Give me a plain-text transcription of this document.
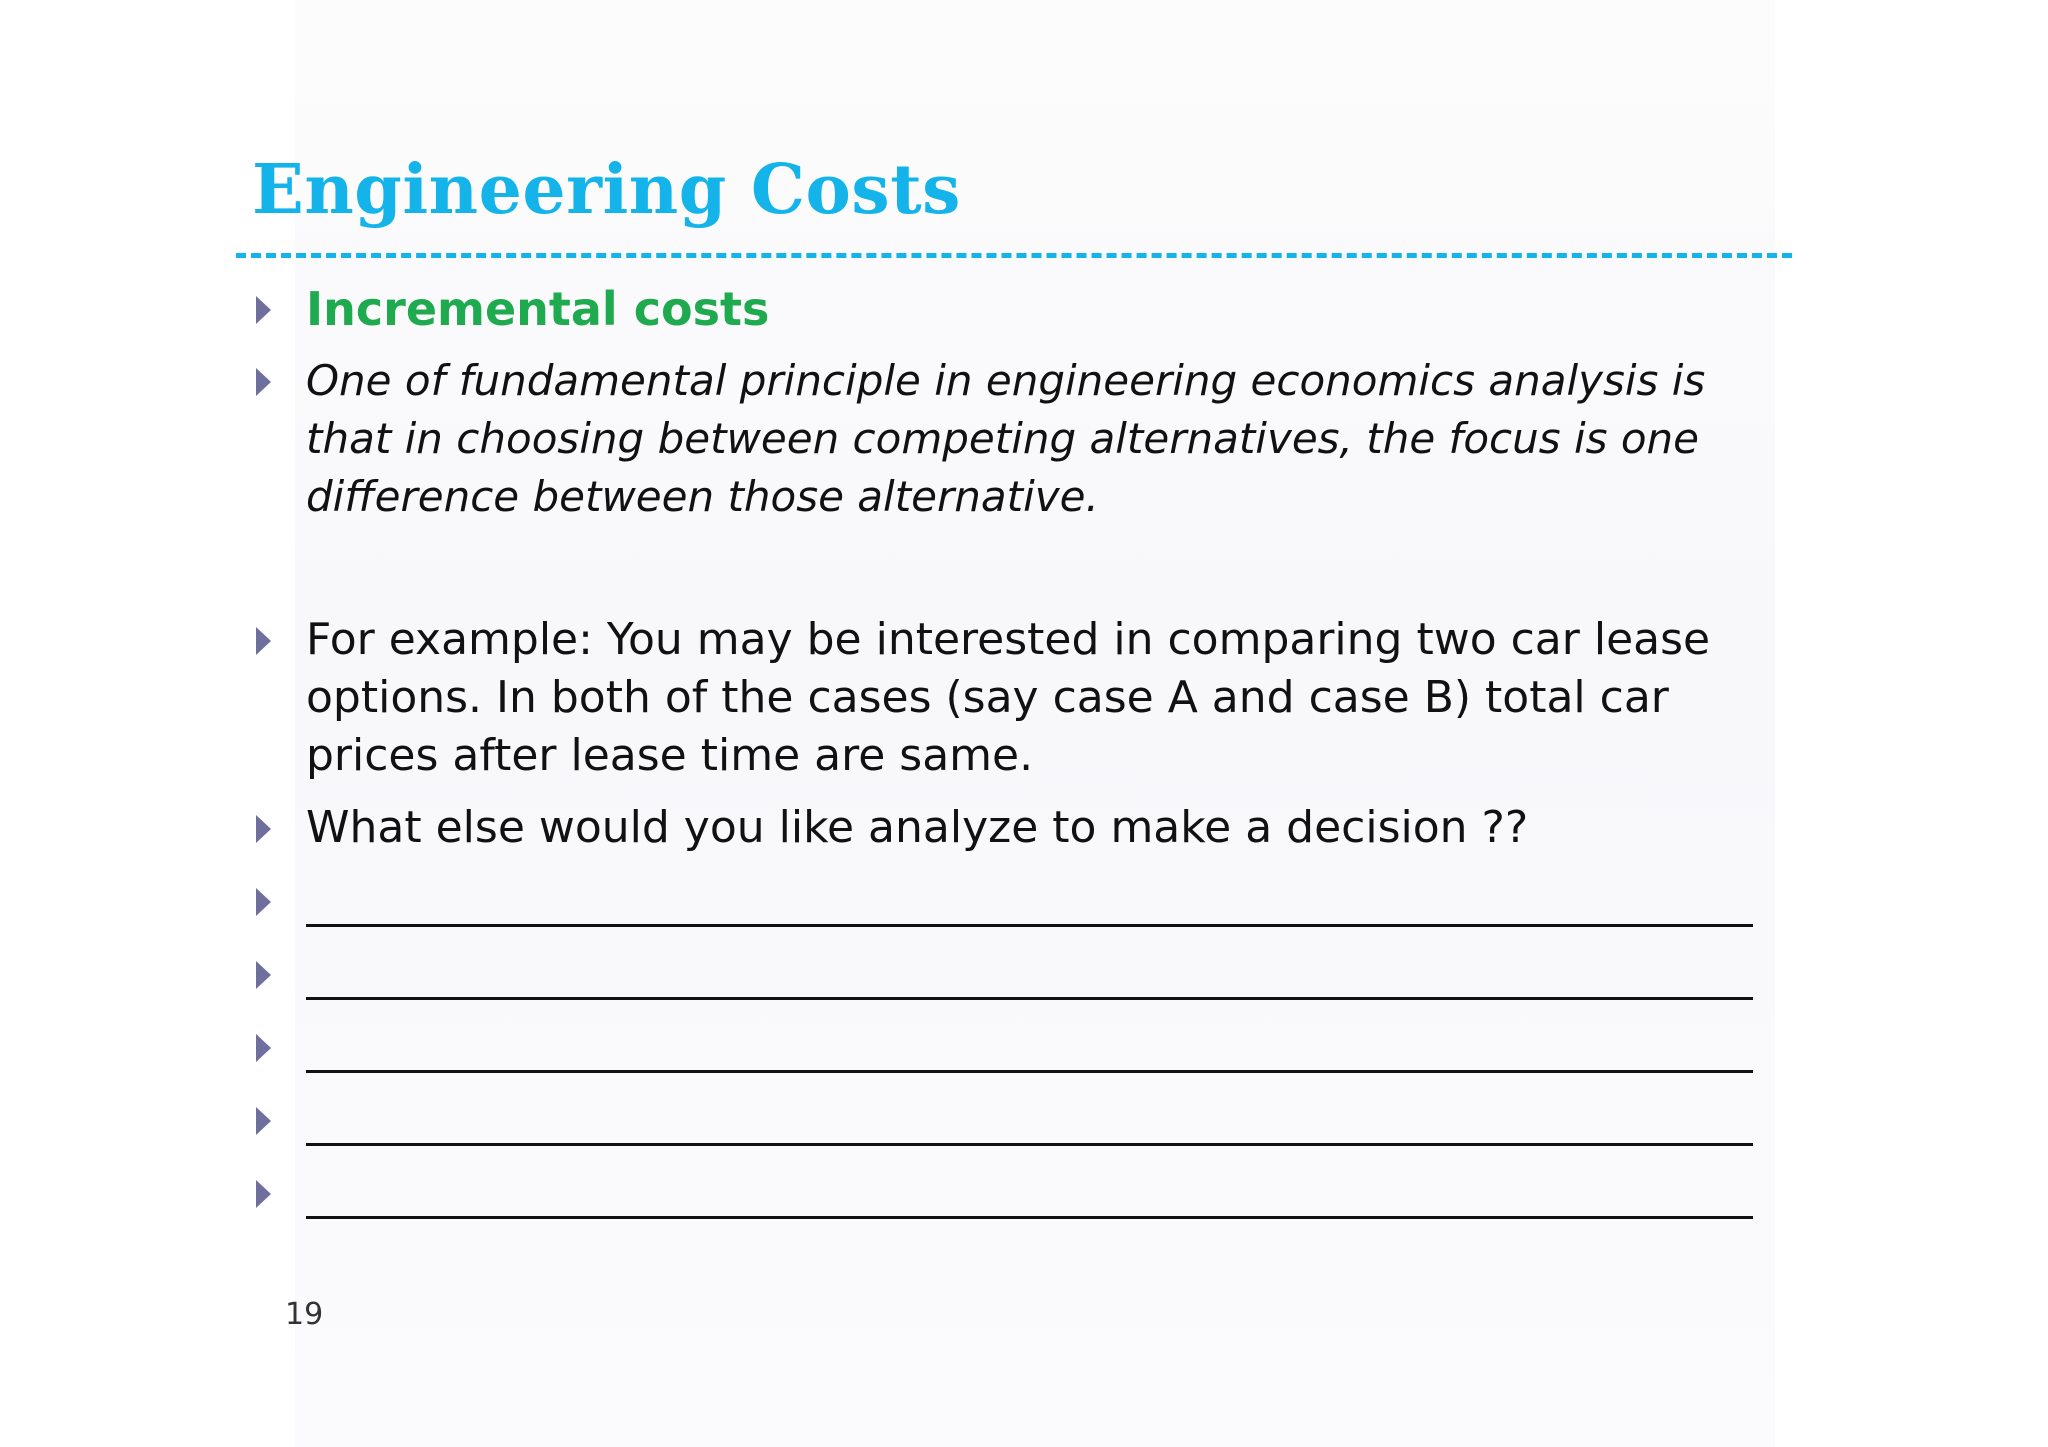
Engineering Costs

Incremental costs

One of fundamental principle in engineering economics analysis is that in choosing between competing alternatives, the focus is one difference between those alternative.

For example: You may be interested in comparing two car lease options. In both of the cases (say case A and case B) total car prices after lease time are same.

What else would you like analyze to make a decision ??

19
